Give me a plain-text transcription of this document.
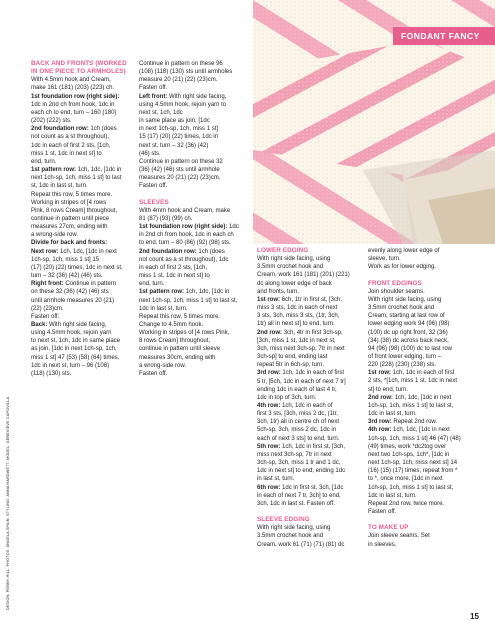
FONDANT FANCY
BACK AND FRONTS (WORKED
IN ONE PIECE TO ARMHOLES)

With 4.5mm hook and Cream,
make 161 (181) (203) (223) ch.

1st foundation row (right side):
1dc in 2nd ch from hook, 1dc in
each ch to end, turn – 160 (180)
(202) (222) sts.

2nd foundation row: 1ch (does
not count as a st throughout),
1dc in each of first 2 sts, [1ch,
miss 1 st, 1dc in next st] to
end, turn.

1st pattern row: 1ch, 1dc, [1dc in
next 1ch-sp, 1ch, miss 1 st] to last
st, 1dc in last st, turn.
Repeat this row, 5 times more.
Working in stripes of [4 rows
Pink, 8 rows Cream] throughout,
continue in pattern until piece
measures 27cm, ending with
a wrong-side row.

Divide for back and fronts:

Next row: 1ch, 1dc, [1dc in next
1ch-sp, 1ch, miss 1 st] 15
(17) (20) (22) times, 1dc in next st,
turn – 32 (36) (42) (46) sts.

Right front: Continue in pattern
on these 32 (36) (42) (46) sts
until armhole measures 20 (21)
(22) (23)cm.
Fasten off.

Back: With right side facing,
using 4.5mm hook, rejoin yarn
to next st, 1ch, 1dc in same place
as join, [1dc in next 1ch-sp, 1ch,
miss 1 st] 47 (53) (58) (64) times,
1dc in next st, turn – 96 (108)
(118) (130) sts.

Continue in pattern on these 96
(108) (118) (130) sts until armholes
measure 20 (21) (22) (23)cm.
Fasten off.

Left front: With right side facing,
using 4.5mm hook, rejoin yarn to
next st, 1ch, 1dc
in same place as join, [1dc
in next 1ch-sp, 1ch, miss 1 st]
15 (17) (20) (22) times, 1dc in
next st, turn – 32 (36) (42)
(46) sts.
Continue in pattern on these 32
(36) (42) (46) sts until armhole
measures 20 (21) (22) (23)cm.
Fasten off.

SLEEVES

With 4mm hook and Cream, make
81 (87) (93) (99) ch.

1st foundation row (right side): 1dc
in 2nd ch from hook, 1dc in each ch
to end, turn – 80 (86) (92) (98) sts.

2nd foundation row: 1ch (does
not count as a st throughout), 1dc
in each of first 2 sts, [1ch,
miss 1 st, 1dc in next st] to
end, turn.

1st pattern row: 1ch, 1dc, [1dc in
next 1ch-sp, 1ch, miss 1 st] to last st,
1dc in last st, turn.
Repeat this row, 5 times more.
Change to 4.5mm hook.
Working in stripes of [4 rows Pink,
8 rows Cream] throughout,
continue in pattern until sleeve
measures 30cm, ending with
a wrong-side row.
Fasten off.

LOWER EDGING

With right side facing, using
3.5mm crochet hook and
Cream, work 161 (181) (201) (221)
dc along lower edge of back
and fronts, turn.

1st row: 6ch, 1tr in first st, [3ch,
miss 3 sts, 1dc in each of next
3 sts, 3ch, miss 3 sts, (1tr, 3ch,
1tr) all in next st] to end, turn.

2nd row: 3ch, 4tr in first 3ch-sp,
[3ch, miss 1 st, 1dc in next st,
3ch, miss next 3ch-sp, 7tr in next
3ch-sp] to end, ending last
repeat 5tr in 6ch-sp, turn.

3rd row: 1ch, 1dc in each of first
5 tr, [5ch, 1dc in each of next 7 tr]
ending 1dc in each of last 4 tr,
1dc in top of 3ch, turn.

4th row: 1ch, 1dc in each of
first 3 sts, [3ch, miss 2 dc, (1tr,
3ch, 1tr) all in centre ch of next
5ch-sp, 3ch, miss 2 dc, 1dc in
each of next 3 sts] to end, turn.

5th row: 1ch, 1dc in first st, [3ch,
miss next 3ch-sp, 7tr in next
3ch-sp, 3ch, miss 1 tr and 1 dc,
1dc in next st] to end, ending 1dc
in last st, turn.

6th row: 1dc in first st, 3ch, [1dc
in each of next 7 tr, 3ch] to end,
3ch, 1dc in last st. Fasten off.

SLEEVE EDGING

With right side facing, using
3.5mm crochet hook and
Cream, work 61 (71) (71) (81) dc

evenly along lower edge of
sleeve, turn.
Work as for lower edging.

FRONT EDGINGS

Join shoulder seams.
With right side facing, using
3.5mm crochet hook and
Cream, starting at last row of
lower edging work 94 (96) (98)
(100) dc up right front, 32 (36)
(34) (38) dc across back neck,
94 (96) (98) (100) dc to last row
of front lower edging, turn –
220 (228) (230) (238) sts.

1st row: 1ch, 1dc in each of first
2 sts, *[1ch, miss 1 st, 1dc in next
st] to end, turn.

2nd row: 1ch, 1dc, [1dc in next
1ch-sp, 1ch, miss 1 st] to last st,
1dc in last st, turn.

3rd row: Repeat 2nd row.

4th row: 1ch, 1dc, [1dc in next
1ch-sp, 1ch, miss 1 st] 46 (47) (48)
(49) times, work *dc2tog over
next two 1ch-sps, 1ch*, [1dc in
next 1ch-sp, 1ch, miss next st] 14
(16) (15) (17) times; repeat from *
to *, once more, [1dc in next
1ch-sp, 1ch, miss 1 st] to last st,
1dc in last st, turn.
Repeat 2nd row, twice more.
Fasten off.

TO MAKE UP

Join sleeve seams. Set
in sleeves.

DESIGN: PENNY HILL. PHOTOS: ANGELA SPAIN. STYLING: ANNA HARDWETT. MODEL: GENEVIEVE CAPOVILLA
15
